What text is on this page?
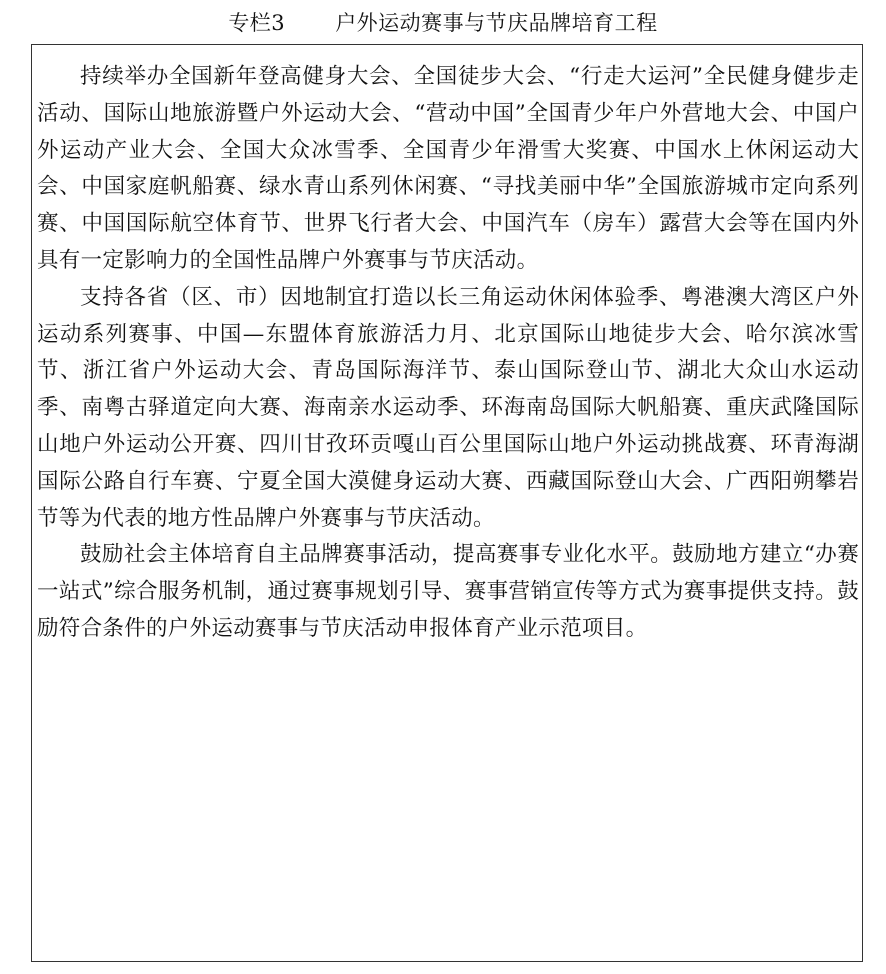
专栏3 户外运动赛事与节庆品牌培育工程

持续举办全国新年登高健身大会、全国徒步大会、“行走大运河”全民健身健步走活动、国际山地旅游暨户外运动大会、“营动中国”全国青少年户外营地大会、中国户外运动产业大会、全国大众冰雪季、全国青少年滑雪大奖赛、中国水上休闲运动大会、中国家庭帆船赛、绿水青山系列休闲赛、“寻找美丽中华”全国旅游城市定向系列赛、中国国际航空体育节、世界飞行者大会、中国汽车（房车）露营大会等在国内外具有一定影响力的全国性品牌户外赛事与节庆活动。

支持各省（区、市）因地制宜打造以长三角运动休闲体验季、粤港澳大湾区户外运动系列赛事、中国—东盟体育旅游活力月、北京国际山地徒步大会、哈尔滨冰雪节、浙江省户外运动大会、青岛国际海洋节、泰山国际登山节、湖北大众山水运动季、南粤古驿道定向大赛、海南亲水运动季、环海南岛国际大帆船赛、重庆武隆国际山地户外运动公开赛、四川甘孜环贡嘎山百公里国际山地户外运动挑战赛、环青海湖国际公路自行车赛、宁夏全国大漠健身运动大赛、西藏国际登山大会、广西阳朔攀岩节等为代表的地方性品牌户外赛事与节庆活动。

鼓励社会主体培育自主品牌赛事活动，提高赛事专业化水平。鼓励地方建立“办赛一站式”综合服务机制，通过赛事规划引导、赛事营销宣传等方式为赛事提供支持。鼓励符合条件的户外运动赛事与节庆活动申报体育产业示范项目。
